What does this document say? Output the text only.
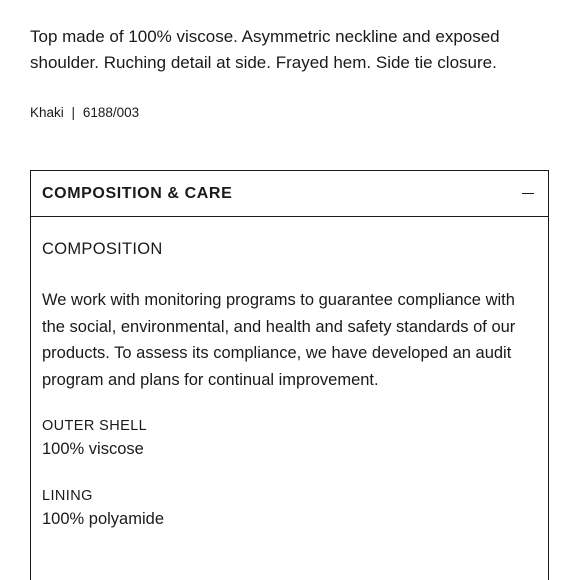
Top made of 100% viscose. Asymmetric neckline and exposed shoulder. Ruching detail at side. Frayed hem. Side tie closure.

Khaki | 6188/003
COMPOSITION & CARE

COMPOSITION

We work with monitoring programs to guarantee compliance with the social, environmental, and health and safety standards of our products. To assess its compliance, we have developed an audit program and plans for continual improvement.

OUTER SHELL

100% viscose

LINING

100% polyamide
